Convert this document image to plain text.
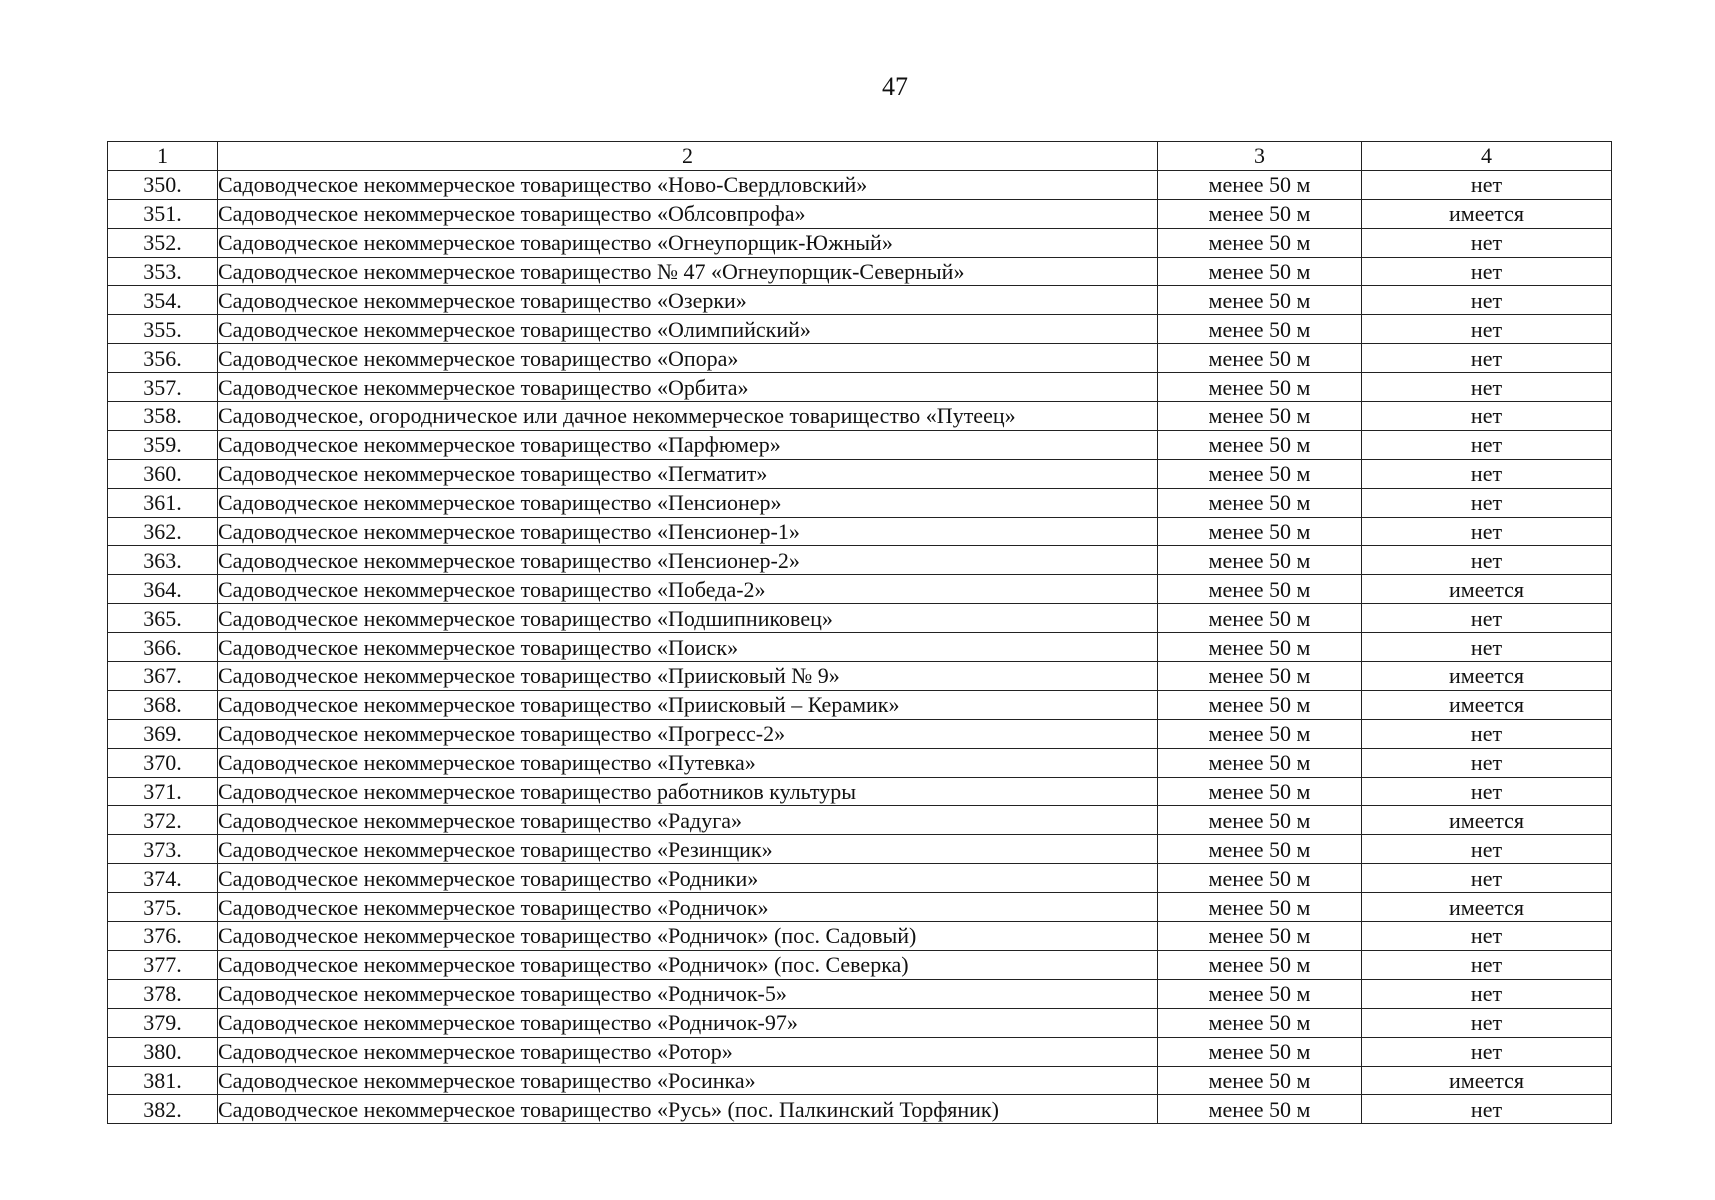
47
1	2	3	4
350.	Садоводческое некоммерческое товарищество «Ново-Свердловский»	менее 50 м	нет
351.	Садоводческое некоммерческое товарищество «Облсовпрофа»	менее 50 м	имеется
352.	Садоводческое некоммерческое товарищество «Огнеупорщик-Южный»	менее 50 м	нет
353.	Садоводческое некоммерческое товарищество № 47 «Огнеупорщик-Северный»	менее 50 м	нет
354.	Садоводческое некоммерческое товарищество «Озерки»	менее 50 м	нет
355.	Садоводческое некоммерческое товарищество «Олимпийский»	менее 50 м	нет
356.	Садоводческое некоммерческое товарищество «Опора»	менее 50 м	нет
357.	Садоводческое некоммерческое товарищество «Орбита»	менее 50 м	нет
358.	Садоводческое, огородническое или дачное некоммерческое товарищество «Путеец»	менее 50 м	нет
359.	Садоводческое некоммерческое товарищество «Парфюмер»	менее 50 м	нет
360.	Садоводческое некоммерческое товарищество «Пегматит»	менее 50 м	нет
361.	Садоводческое некоммерческое товарищество «Пенсионер»	менее 50 м	нет
362.	Садоводческое некоммерческое товарищество «Пенсионер-1»	менее 50 м	нет
363.	Садоводческое некоммерческое товарищество «Пенсионер-2»	менее 50 м	нет
364.	Садоводческое некоммерческое товарищество «Победа-2»	менее 50 м	имеется
365.	Садоводческое некоммерческое товарищество «Подшипниковец»	менее 50 м	нет
366.	Садоводческое некоммерческое товарищество «Поиск»	менее 50 м	нет
367.	Садоводческое некоммерческое товарищество «Приисковый № 9»	менее 50 м	имеется
368.	Садоводческое некоммерческое товарищество «Приисковый – Керамик»	менее 50 м	имеется
369.	Садоводческое некоммерческое товарищество «Прогресс-2»	менее 50 м	нет
370.	Садоводческое некоммерческое товарищество «Путевка»	менее 50 м	нет
371.	Садоводческое некоммерческое товарищество работников культуры	менее 50 м	нет
372.	Садоводческое некоммерческое товарищество «Радуга»	менее 50 м	имеется
373.	Садоводческое некоммерческое товарищество «Резинщик»	менее 50 м	нет
374.	Садоводческое некоммерческое товарищество «Родники»	менее 50 м	нет
375.	Садоводческое некоммерческое товарищество «Родничок»	менее 50 м	имеется
376.	Садоводческое некоммерческое товарищество «Родничок» (пос. Садовый)	менее 50 м	нет
377.	Садоводческое некоммерческое товарищество «Родничок» (пос. Северка)	менее 50 м	нет
378.	Садоводческое некоммерческое товарищество «Родничок-5»	менее 50 м	нет
379.	Садоводческое некоммерческое товарищество «Родничок-97»	менее 50 м	нет
380.	Садоводческое некоммерческое товарищество «Ротор»	менее 50 м	нет
381.	Садоводческое некоммерческое товарищество «Росинка»	менее 50 м	имеется
382.	Садоводческое некоммерческое товарищество «Русь» (пос. Палкинский Торфяник)	менее 50 м	нет
